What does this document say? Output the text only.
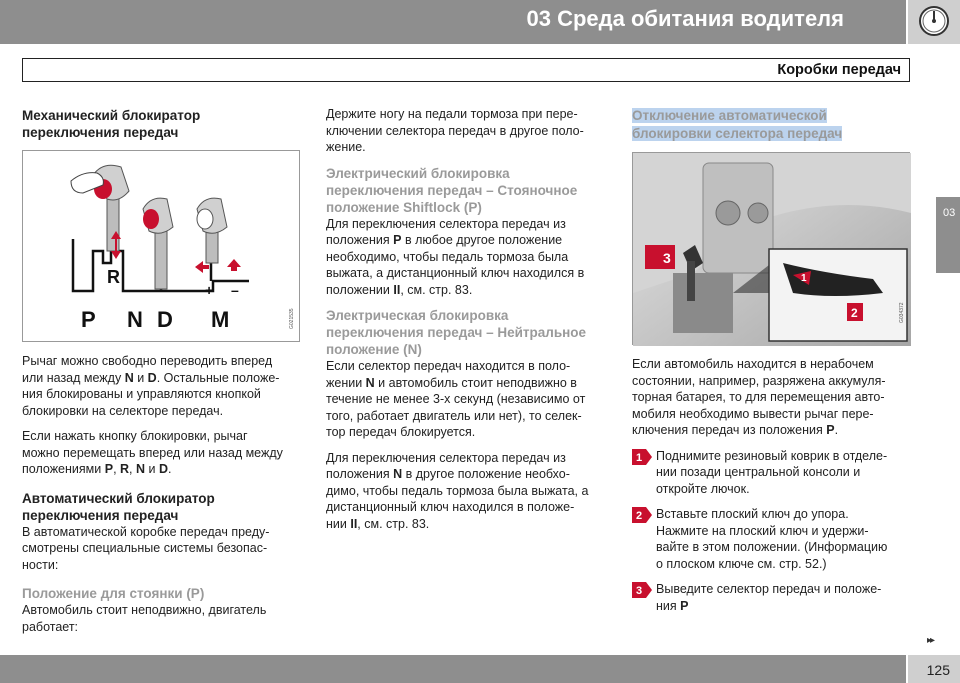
03 Среда обитания водителя
Коробки передач
03
Механический блокиратор
переключения передач
R
P N D M
+ –
G021535

Рычаг можно свободно переводить вперед
или назад между N и D. Остальные положе-
ния блокированы и управляются кнопкой
блокировки на селекторе передач.

Если нажать кнопку блокировки, рычаг
можно перемещать вперед или назад между
положениями P, R, N и D.

Автоматический блокиратор
переключения передач

В автоматической коробке передач преду-
смотрены специальные системы безопас-
ности:

Положение для стоянки (P)

Автомобиль стоит неподвижно, двигатель
работает:

Держите ногу на педали тормоза при пере-
ключении селектора передач в другое поло-
жение.

Электрический блокировка
переключения передач – Стояночное
положение Shiftlock (P)

Для переключения селектора передач из
положения P в любое другое положение
необходимо, чтобы педаль тормоза была
выжата, а дистанционный ключ находился в
положении II, см. стр. 83.

Электрическая блокировка
переключения передач – Нейтральное
положение (N)

Если селектор передач находится в поло-
жении N и автомобиль стоит неподвижно в
течение не менее 3-х секунд (независимо от
того, работает двигатель или нет), то селек-
тор передач блокируется.

Для переключения селектора передач из
положения N в другое положение необхо-
димо, чтобы педаль тормоза была выжата, а
дистанционный ключ находился в положе-
нии II, см. стр. 83.

Отключение автоматической
блокировки селектора передач
3
1
2	G034372

Если автомобиль находится в нерабочем
состоянии, например, разряжена аккумуля-
торная батарея, то для перемещения авто-
мобиля необходимо вывести рычаг пере-
ключения передач из положения P.

1 Поднимите резиновый коврик в отделе-
нии позади центральной консоли и
откройте лючок.
2 Вставьте плоский ключ до упора.
Нажмите на плоский ключ и удержи-
вайте в этом положении. (Информацию
о плоском ключе см. стр. 52.)
3 Выведите селектор передач и положе-
ния P
▸▸
125
